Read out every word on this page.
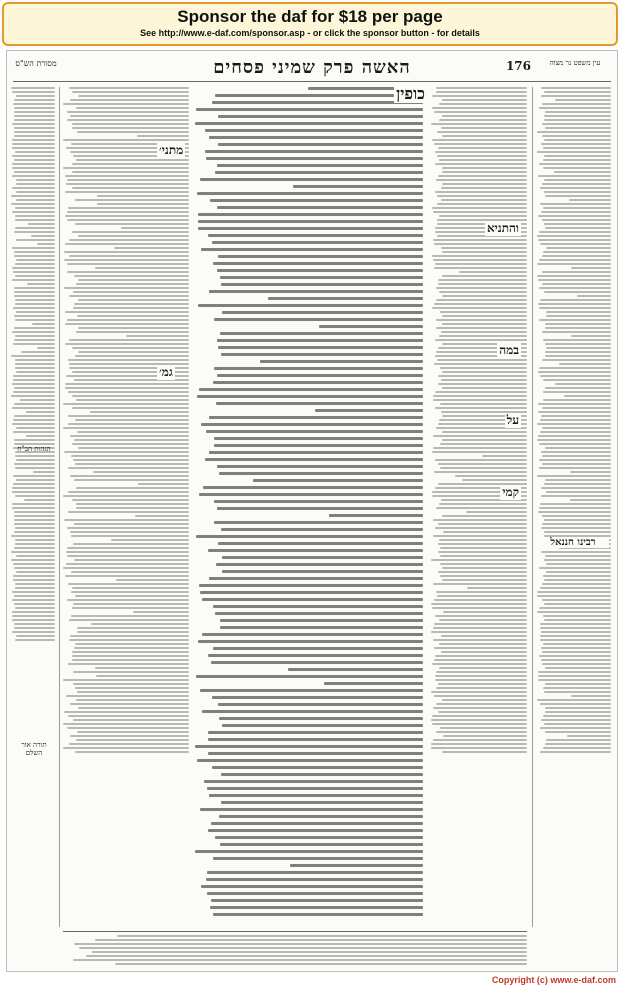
Sponsor the daf for $18 per page
See http://www.e-daf.com/sponsor.asp - or click the sponsor button - for details
עין משפט נר מצוה
176
האשה פרק שמיני פסחים
מסורת הש"ס
כופין
והתניא
במה
על
קמי
מתני׳
גמ׳
רבינו חננאל
הגהות הב"ח
תורה אור השלם
Copyright (c) www.e-daf.com
